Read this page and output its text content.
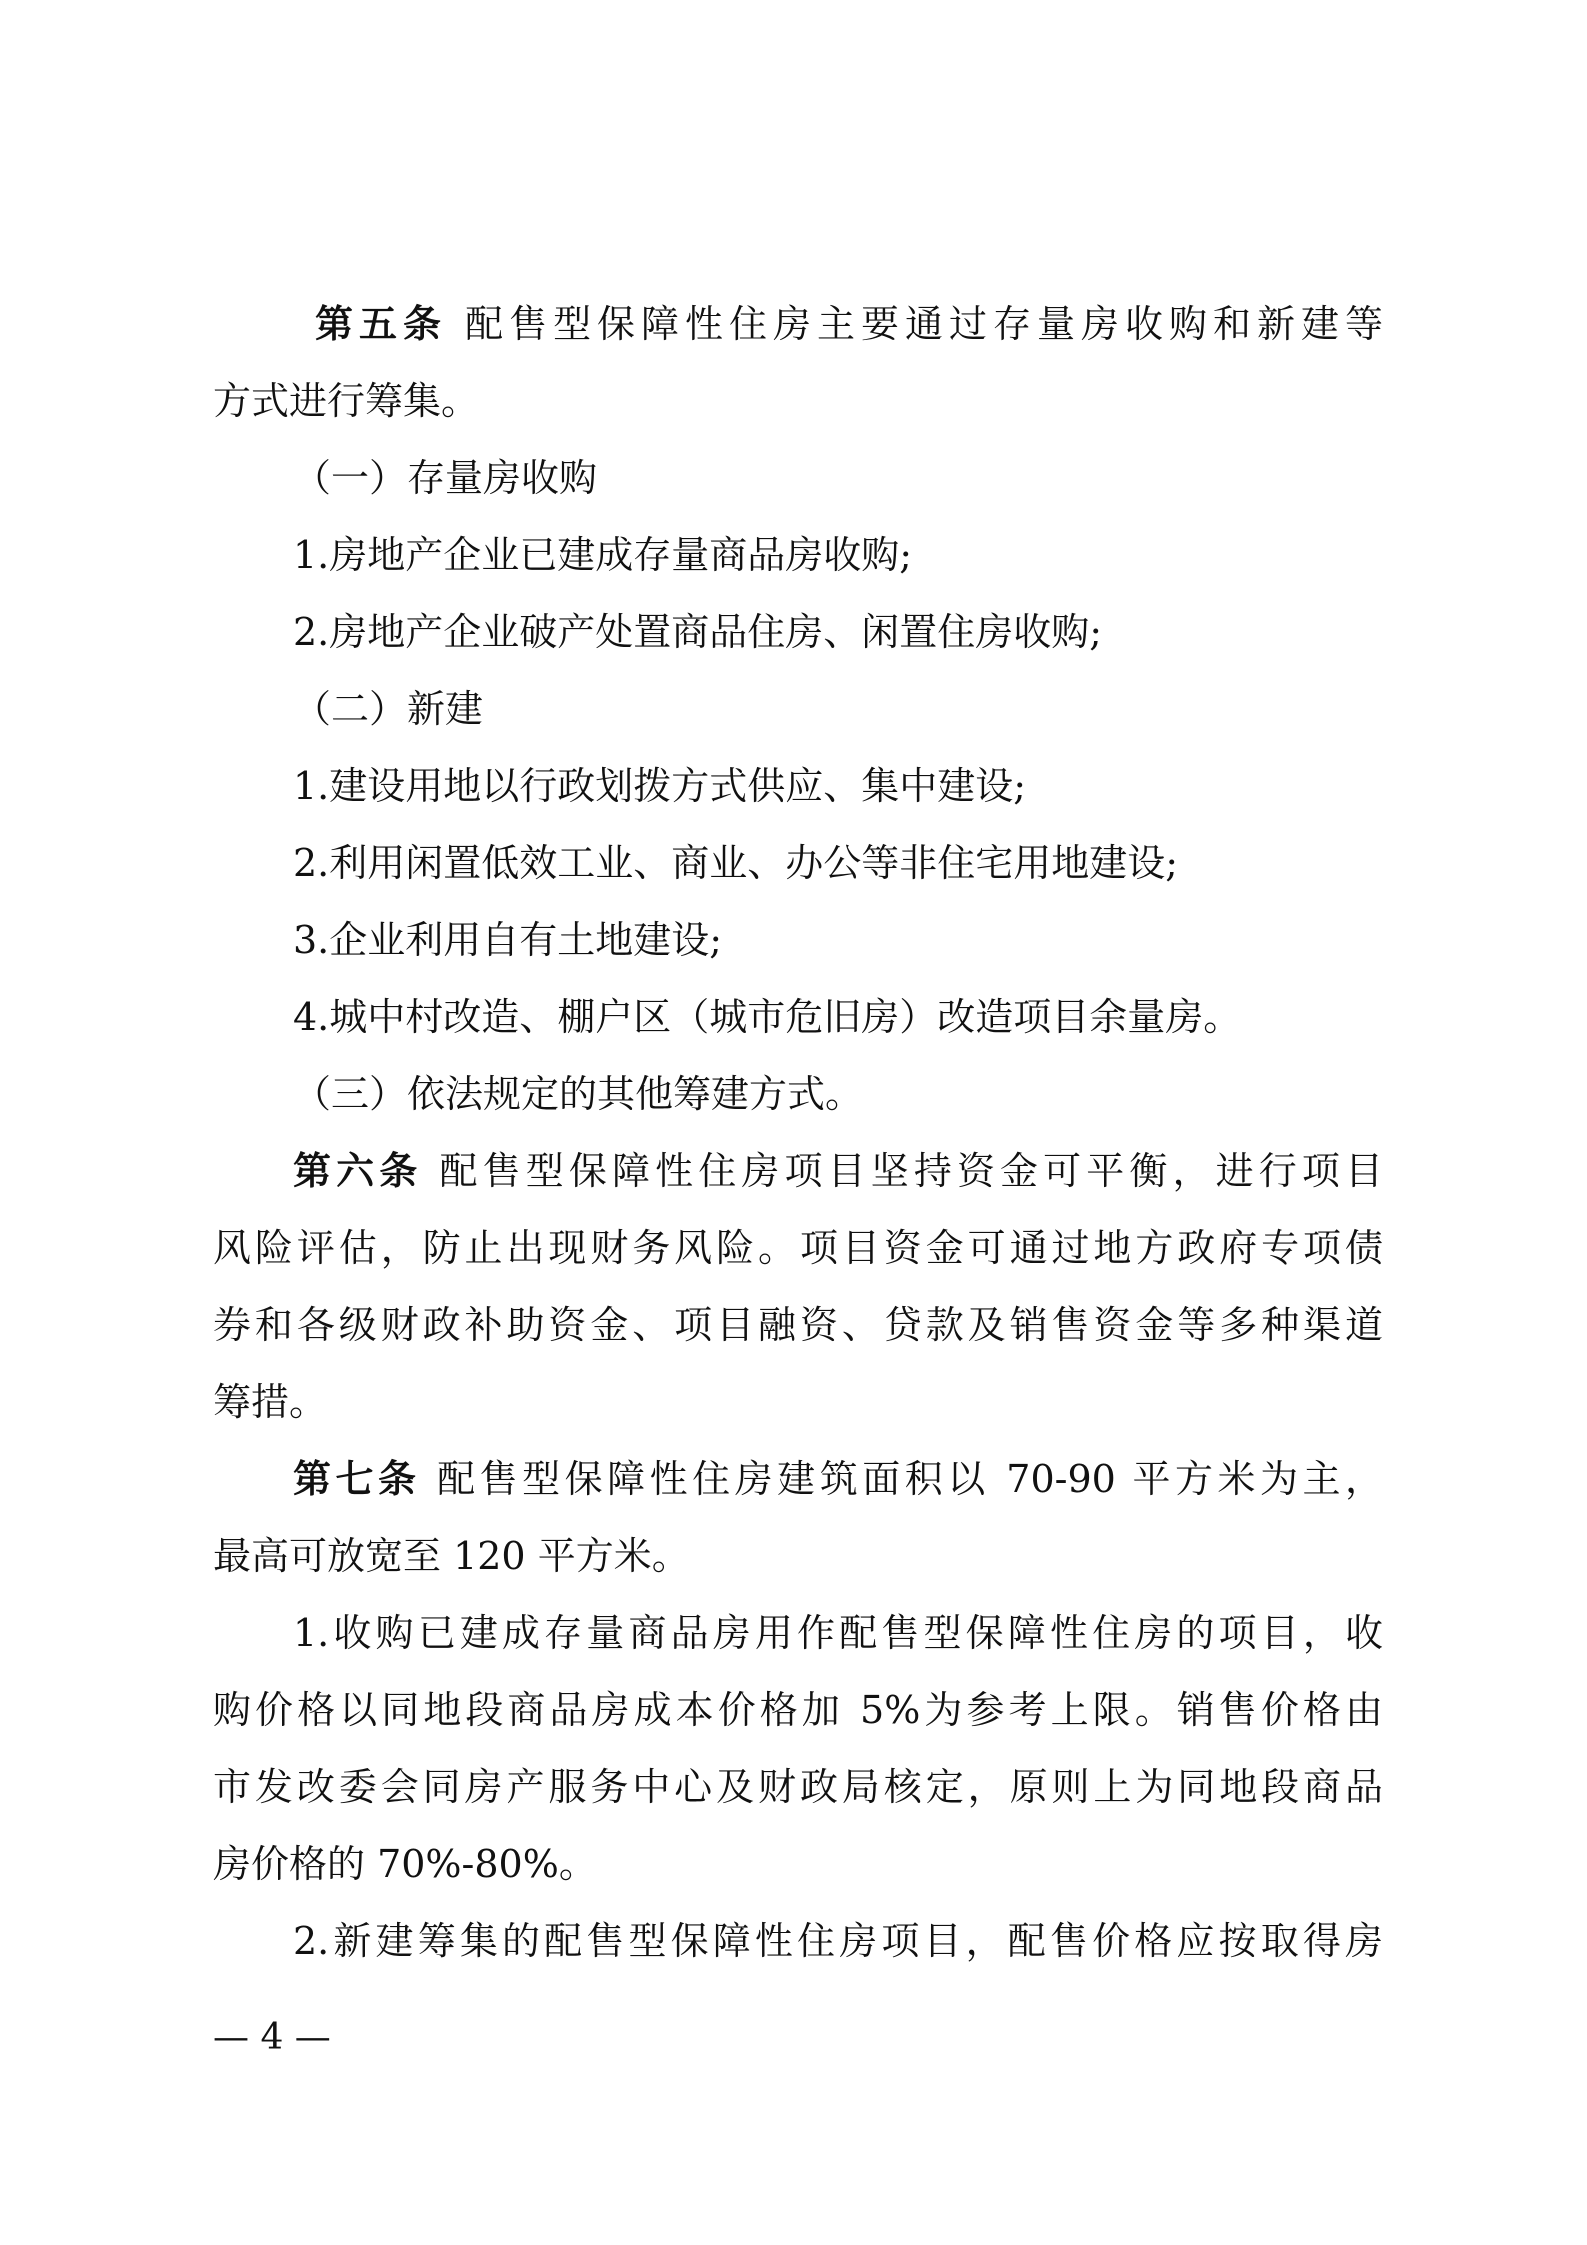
第五条 配售型保障性住房主要通过存量房收购和新建等
方式进行筹集。
（一）存量房收购
1.房地产企业已建成存量商品房收购;
2.房地产企业破产处置商品住房、闲置住房收购;
（二）新建
1.建设用地以行政划拨方式供应、集中建设;
2.利用闲置低效工业、商业、办公等非住宅用地建设;
3.企业利用自有土地建设;
4.城中村改造、棚户区（城市危旧房）改造项目余量房。
（三）依法规定的其他筹建方式。
第六条 配售型保障性住房项目坚持资金可平衡，进行项目
风险评估，防止出现财务风险。项目资金可通过地方政府专项债
券和各级财政补助资金、项目融资、贷款及销售资金等多种渠道
筹措。
第七条 配售型保障性住房建筑面积以 70-90 平方米为主，
最高可放宽至 120 平方米。
1.收购已建成存量商品房用作配售型保障性住房的项目，收
购价格以同地段商品房成本价格加 5%为参考上限。销售价格由
市发改委会同房产服务中心及财政局核定，原则上为同地段商品
房价格的 70%-80%。
2.新建筹集的配售型保障性住房项目，配售价格应按取得房
— 4 —
